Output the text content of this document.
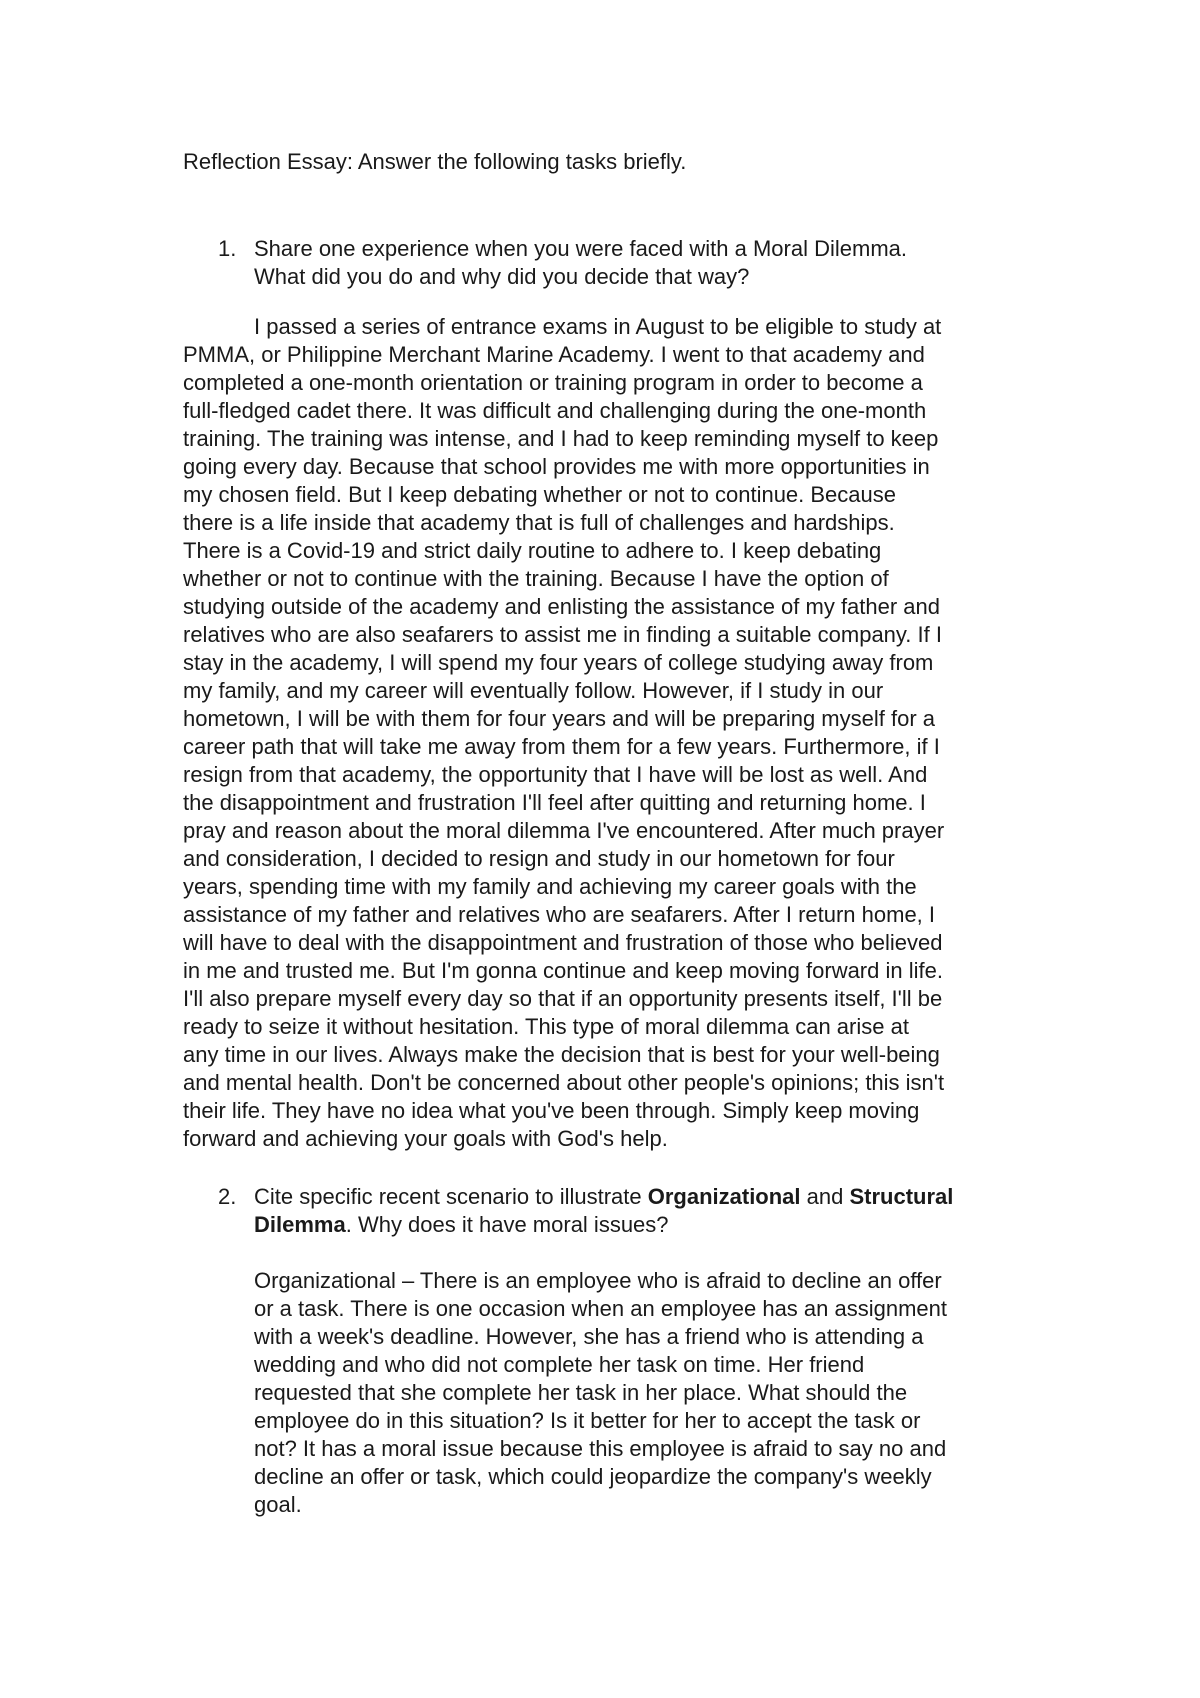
Reflection Essay: Answer the following tasks briefly.
1. Share one experience when you were faced with a Moral Dilemma.
What did you do and why did you decide that way?
I passed a series of entrance exams in August to be eligible to study at
PMMA, or Philippine Merchant Marine Academy. I went to that academy and
completed a one-month orientation or training program in order to become a
full-fledged cadet there. It was difficult and challenging during the one-month
training. The training was intense, and I had to keep reminding myself to keep
going every day. Because that school provides me with more opportunities in
my chosen field. But I keep debating whether or not to continue. Because
there is a life inside that academy that is full of challenges and hardships.
There is a Covid-19 and strict daily routine to adhere to. I keep debating
whether or not to continue with the training. Because I have the option of
studying outside of the academy and enlisting the assistance of my father and
relatives who are also seafarers to assist me in finding a suitable company. If I
stay in the academy, I will spend my four years of college studying away from
my family, and my career will eventually follow. However, if I study in our
hometown, I will be with them for four years and will be preparing myself for a
career path that will take me away from them for a few years. Furthermore, if I
resign from that academy, the opportunity that I have will be lost as well. And
the disappointment and frustration I'll feel after quitting and returning home. I
pray and reason about the moral dilemma I've encountered. After much prayer
and consideration, I decided to resign and study in our hometown for four
years, spending time with my family and achieving my career goals with the
assistance of my father and relatives who are seafarers. After I return home, I
will have to deal with the disappointment and frustration of those who believed
in me and trusted me. But I'm gonna continue and keep moving forward in life.
I'll also prepare myself every day so that if an opportunity presents itself, I'll be
ready to seize it without hesitation. This type of moral dilemma can arise at
any time in our lives. Always make the decision that is best for your well-being
and mental health. Don't be concerned about other people's opinions; this isn't
their life. They have no idea what you've been through. Simply keep moving
forward and achieving your goals with God's help.
2. Cite specific recent scenario to illustrate Organizational and Structural
Dilemma. Why does it have moral issues?
Organizational – There is an employee who is afraid to decline an offer
or a task. There is one occasion when an employee has an assignment
with a week's deadline. However, she has a friend who is attending a
wedding and who did not complete her task on time. Her friend
requested that she complete her task in her place. What should the
employee do in this situation? Is it better for her to accept the task or
not? It has a moral issue because this employee is afraid to say no and
decline an offer or task, which could jeopardize the company's weekly
goal.
